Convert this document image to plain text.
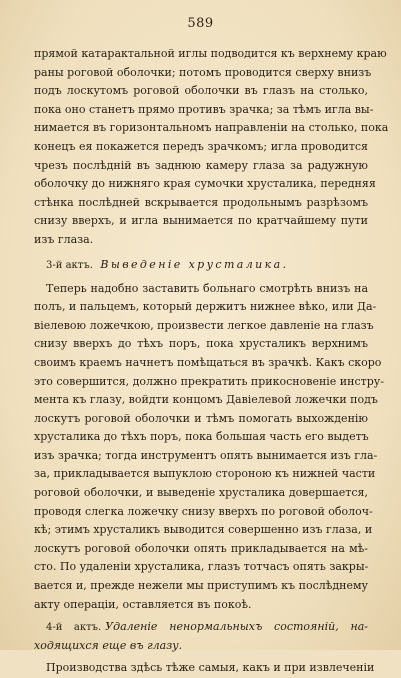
589
прямой катарактальной иглы подводится къ верхнему краю
раны роговой оболочки; потомъ проводится сверху внизъ
подъ лоскутомъ роговой оболочки въ глазъ на столько,
пока оно станетъ прямо противъ зрачка; за тѣмъ игла вы-
нимается въ горизонтальномъ направленіи на столько, пока
конецъ ея покажется передъ зрачкомъ; игла проводится
чрезъ послѣдній въ заднюю камеру глаза за радужную
оболочку до нижняго края сумочки хрусталика, передняя
стѣнка послѣдней вскрывается продольнымъ разрѣзомъ
снизу вверхъ, и игла вынимается по кратчайшему пути
изъ глаза.
3-й актъ. Выведеніе хрусталика.
Теперь надобно заставить больнаго смотрѣть внизъ на
полъ, и пальцемъ, который держитъ нижнее вѣко, или Да-
віелевою ложечкою, произвести легкое давленіе на глазъ
снизу вверхъ до тѣхъ поръ, пока хрусталикъ верхнимъ
своимъ краемъ начнетъ помѣщаться въ зрачкѣ. Какъ скоро
это совершится, должно прекратить прикосновеніе инстру-
мента къ глазу, войдти концомъ Давіелевой ложечки подъ
лоскутъ роговой оболочки и тѣмъ помогать выхожденію
хрусталика до тѣхъ поръ, пока большая часть его выдетъ
изъ зрачка; тогда инструментъ опять вынимается изъ гла-
за, прикладывается выпуклою стороною къ нижней части
роговой оболочки, и выведеніе хрусталика довершается,
проводя слегка ложечку снизу вверхъ по роговой оболоч-
кѣ; этимъ хрусталикъ выводится совершенно изъ глаза, и
лоскутъ роговой оболочки опять прикладывается на мѣ-
сто. По удаленіи хрусталика, глазъ тотчасъ опять закры-
вается и, прежде нежели мы приступимъ къ послѣднему
акту операціи, оставляется въ покоѣ.
4-й актъ. Удаленіе ненормальныхъ состояній, на-
ходящихся еще въ глазу.
Производства здѣсь тѣже самыя, какъ и при извлеченіи
